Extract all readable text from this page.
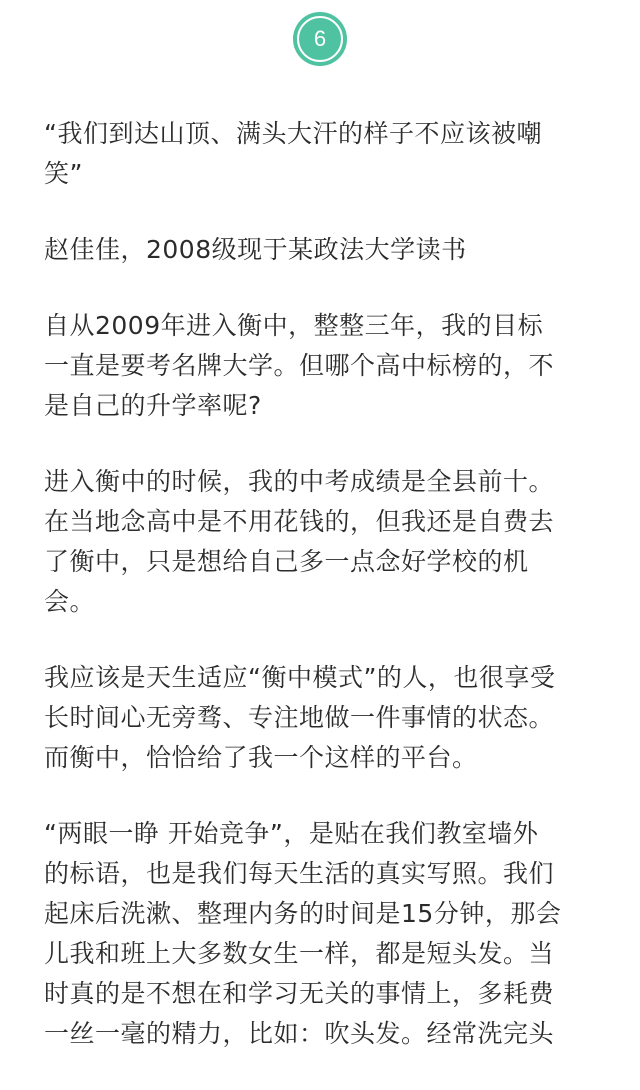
6

“我们到达山顶、满头大汗的样子不应该被嘲
笑”

赵佳佳，2008级现于某政法大学读书

自从2009年进入衡中，整整三年，我的目标
一直是要考名牌大学。但哪个高中标榜的，不
是自己的升学率呢?

进入衡中的时候，我的中考成绩是全县前十。
在当地念高中是不用花钱的，但我还是自费去
了衡中，只是想给自己多一点念好学校的机
会。

我应该是天生适应“衡中模式”的人，也很享受
长时间心无旁骛、专注地做一件事情的状态。
而衡中，恰恰给了我一个这样的平台。

“两眼一睁 开始竞争”，是贴在我们教室墙外
的标语，也是我们每天生活的真实写照。我们
起床后洗漱、整理内务的时间是15分钟，那会
儿我和班上大多数女生一样，都是短头发。当
时真的是不想在和学习无关的事情上，多耗费
一丝一毫的精力，比如：吹头发。经常洗完头
